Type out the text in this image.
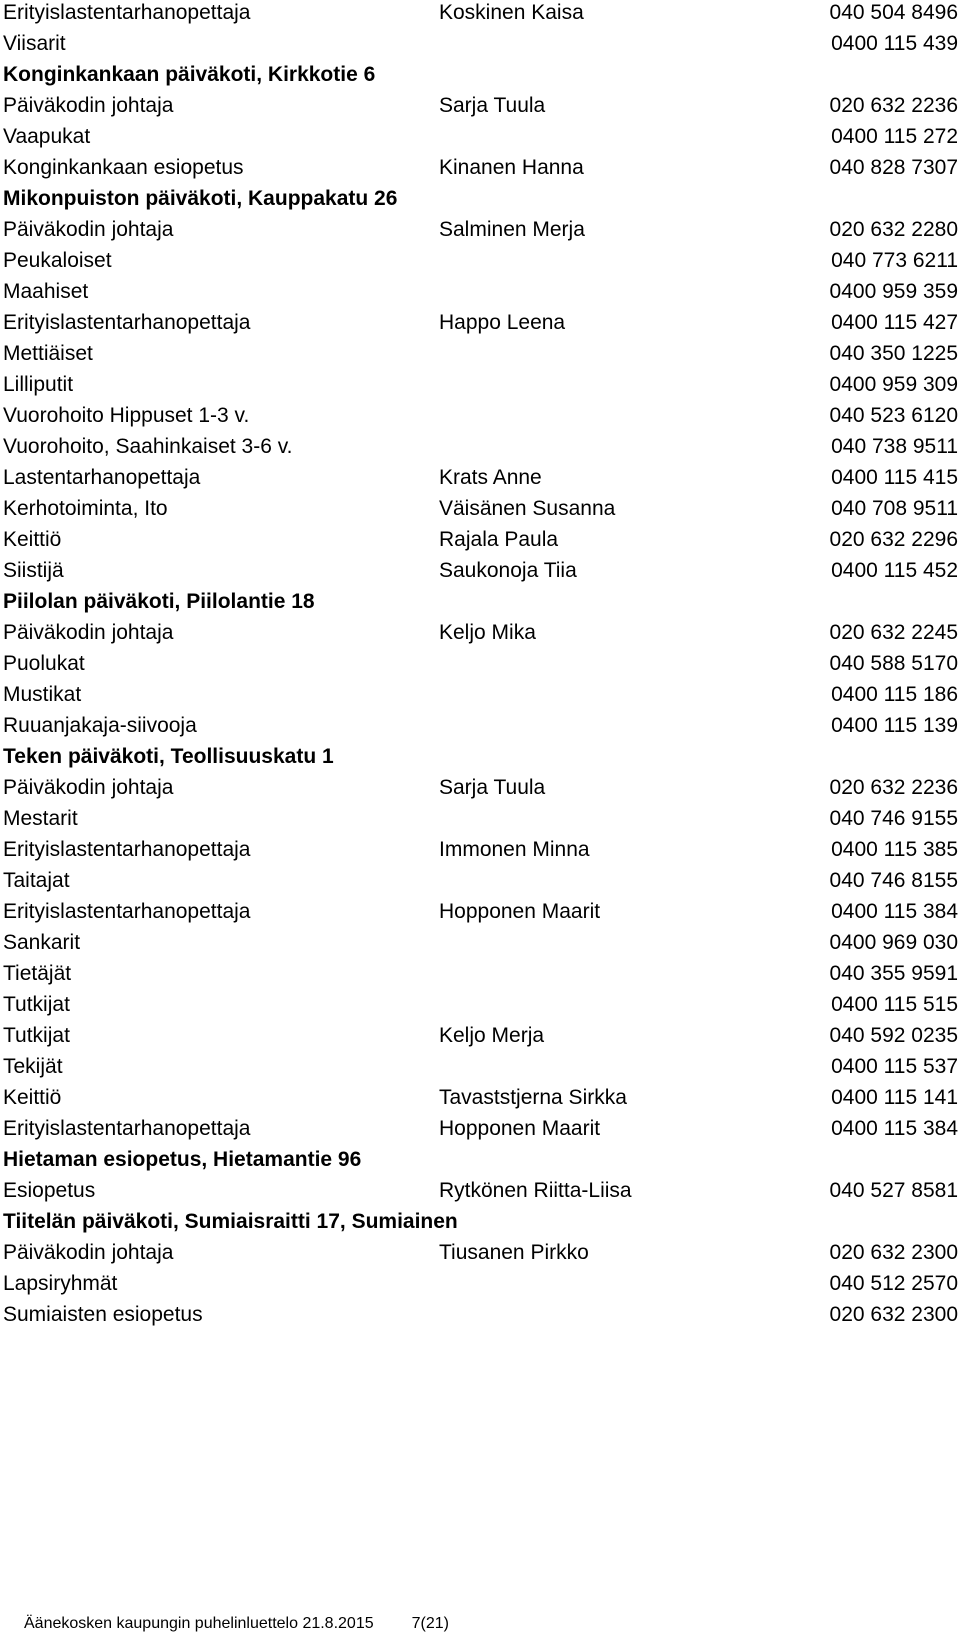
Erityislastentarhanopettaja	Koskinen Kaisa	040 504 8496
Viisarit	0400 115 439
Konginkankaan päiväkoti, Kirkkotie 6
Päiväkodin johtaja	Sarja Tuula	020 632 2236
Vaapukat	0400 115 272
Konginkankaan esiopetus	Kinanen Hanna	040 828 7307
Mikonpuiston päiväkoti, Kauppakatu 26
Päiväkodin johtaja	Salminen Merja	020 632 2280
Peukaloiset	040 773 6211
Maahiset	0400 959 359
Erityislastentarhanopettaja	Happo Leena	0400 115 427
Mettiäiset	040 350 1225
Lilliputit	0400 959 309
Vuorohoito Hippuset 1-3 v.	040 523 6120
Vuorohoito, Saahinkaiset 3-6 v.	040 738 9511
Lastentarhanopettaja	Krats Anne	0400 115 415
Kerhotoiminta, Ito	Väisänen Susanna	040 708 9511
Keittiö	Rajala Paula	020 632 2296
Siistijä	Saukonoja Tiia	0400 115 452
Piilolan päiväkoti, Piilolantie 18
Päiväkodin johtaja	Keljo Mika	020 632 2245
Puolukat	040 588 5170
Mustikat	0400 115 186
Ruuanjakaja-siivooja	0400 115 139
Teken päiväkoti, Teollisuuskatu 1
Päiväkodin johtaja	Sarja Tuula	020 632 2236
Mestarit	040 746 9155
Erityislastentarhanopettaja	Immonen Minna	0400 115 385
Taitajat	040 746 8155
Erityislastentarhanopettaja	Hopponen Maarit	0400 115 384
Sankarit	0400 969 030
Tietäjät	040 355 9591
Tutkijat	0400 115 515
Tutkijat	Keljo Merja	040 592 0235
Tekijät	0400 115 537
Keittiö	Tavaststjerna Sirkka	0400 115 141
Erityislastentarhanopettaja	Hopponen Maarit	0400 115 384
Hietaman esiopetus, Hietamantie 96
Esiopetus	Rytkönen Riitta-Liisa	040 527 8581
Tiitelän päiväkoti, Sumiaisraitti 17, Sumiainen
Päiväkodin johtaja	Tiusanen Pirkko	020 632 2300
Lapsiryhmät	040 512 2570
Sumiaisten esiopetus	020 632 2300
Äänekosken kaupungin puhelinluettelo 21.8.2015 7(21)
